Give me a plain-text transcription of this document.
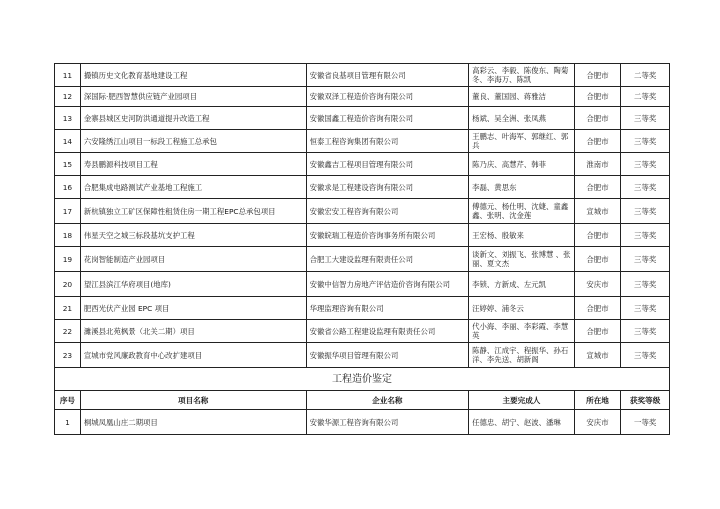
11	撮镇历史文化教育基地建设工程	安徽省良基项目管理有限公司	高彩云、李毅、陈俊东、陶菊冬、李海万、陈凯	合肥市	二等奖
12	深国际·肥西智慧供应链产业园项目	安徽双泽工程造价咨询有限公司	董良、董国园、蒋雅洁	合肥市	二等奖
13	金寨县城区史河防洪通道提升改造工程	安徽国鑫工程造价咨询有限公司	杨斌、吴全洲、张凤燕	合肥市	三等奖
14	六安隆绣江山项目一标段工程施工总承包	恒泰工程咨询集团有限公司	王鹏志、叶海军、郭继红、郭兵	合肥市	三等奖
15	寿县鹏源科技项目工程	安徽鑫吉工程项目管理有限公司	陈乃庆、高慧芹、韩菲	淮南市	三等奖
16	合肥集成电路测试产业基地工程施工	安徽求是工程建设咨询有限公司	李磊、黄思东	合肥市	三等奖
17	新杭镇独立工矿区保障性租赁住房一期工程EPC总承包项目	安徽宏安工程咨询有限公司	傅德元、杨仕明、沈婕、童鑫鑫、张明、沈金莲	宣城市	三等奖
18	伟星天空之城三标段基坑支护工程	安徽皖瑞工程造价咨询事务所有限公司	王宏杨、殷敏来	合肥市	三等奖
19	花岗智能制造产业园项目	合肥工大建设监理有限责任公司	谈新文、刘振飞、张博慧 、张丽、夏文杰	合肥市	三等奖
20	望江县滨江华府项目(地库)	安徽中信智力房地产评估造价咨询有限公司	李锁、方新成、左元凯	安庆市	三等奖
21	肥西光伏产业园 EPC 项目	华理监理咨询有限公司	汪婷婷、浦冬云	合肥市	三等奖
22	濉溪县北苑枫景（北关二期）项目	安徽省公路工程建设监理有限责任公司	代小海、李丽、李彩霞、李慧英	合肥市	三等奖
23	宣城市党风廉政教育中心改扩建项目	安徽振华项目管理有限公司	陈静、江成宇、程振华、孙石洋、李先送、胡新阁	宣城市	三等奖
工程造价鉴定					
序号	项目名称	企业名称	主要完成人	所在地	获奖等级
1	桐城凤凰山庄二期项目	安徽华源工程咨询有限公司	任德忠、胡宁、赵波、潘琳	安庆市	一等奖
